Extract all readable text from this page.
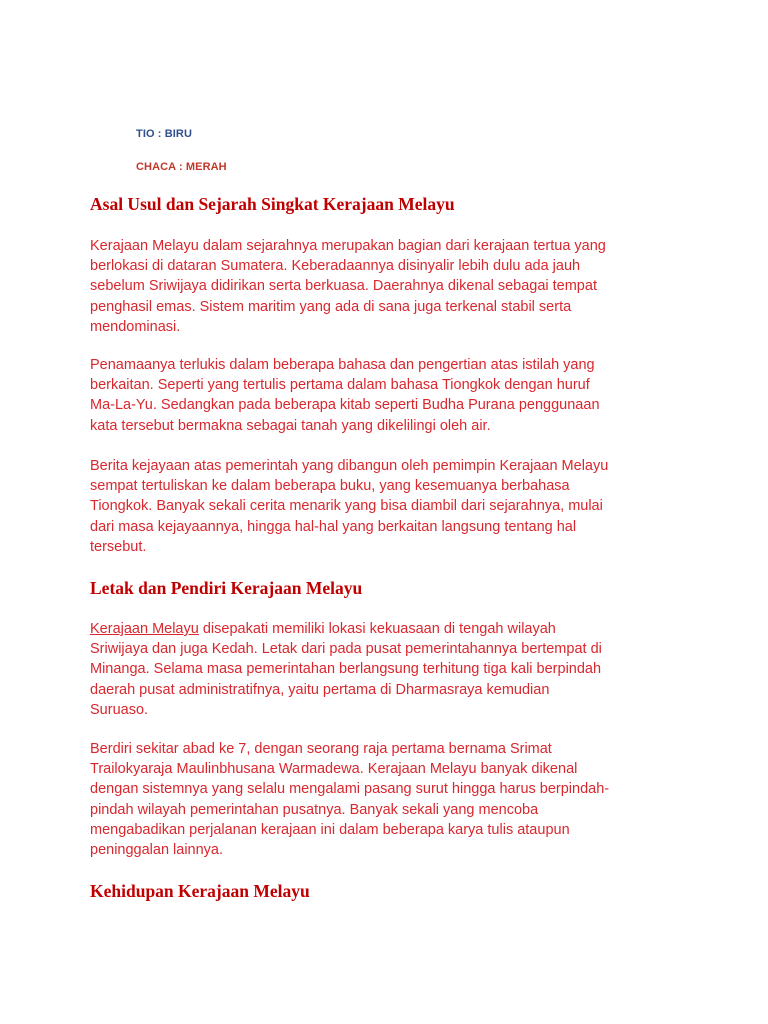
TIO : BIRU
CHACA : MERAH
Asal Usul dan Sejarah Singkat Kerajaan Melayu

Kerajaan Melayu dalam sejarahnya merupakan bagian dari kerajaan tertua yang
berlokasi di dataran Sumatera. Keberadaannya disinyalir lebih dulu ada jauh
sebelum Sriwijaya didirikan serta berkuasa. Daerahnya dikenal sebagai tempat
penghasil emas. Sistem maritim yang ada di sana juga terkenal stabil serta
mendominasi.

Penamaanya terlukis dalam beberapa bahasa dan pengertian atas istilah yang
berkaitan. Seperti yang tertulis pertama dalam bahasa Tiongkok dengan huruf
Ma-La-Yu. Sedangkan pada beberapa kitab seperti Budha Purana penggunaan
kata tersebut bermakna sebagai tanah yang dikelilingi oleh air.

Berita kejayaan atas pemerintah yang dibangun oleh pemimpin Kerajaan Melayu
sempat tertuliskan ke dalam beberapa buku, yang kesemuanya berbahasa
Tiongkok. Banyak sekali cerita menarik yang bisa diambil dari sejarahnya, mulai
dari masa kejayaannya, hingga hal-hal yang berkaitan langsung tentang hal
tersebut.

Letak dan Pendiri Kerajaan Melayu

Kerajaan Melayu disepakati memiliki lokasi kekuasaan di tengah wilayah
Sriwijaya dan juga Kedah. Letak dari pada pusat pemerintahannya bertempat di
Minanga. Selama masa pemerintahan berlangsung terhitung tiga kali berpindah
daerah pusat administratifnya, yaitu pertama di Dharmasraya kemudian
Suruaso.

Berdiri sekitar abad ke 7, dengan seorang raja pertama bernama Srimat
Trailokyaraja Maulinbhusana Warmadewa. Kerajaan Melayu banyak dikenal
dengan sistemnya yang selalu mengalami pasang surut hingga harus berpindah-
pindah wilayah pemerintahan pusatnya. Banyak sekali yang mencoba
mengabadikan perjalanan kerajaan ini dalam beberapa karya tulis ataupun
peninggalan lainnya.

Kehidupan Kerajaan Melayu
